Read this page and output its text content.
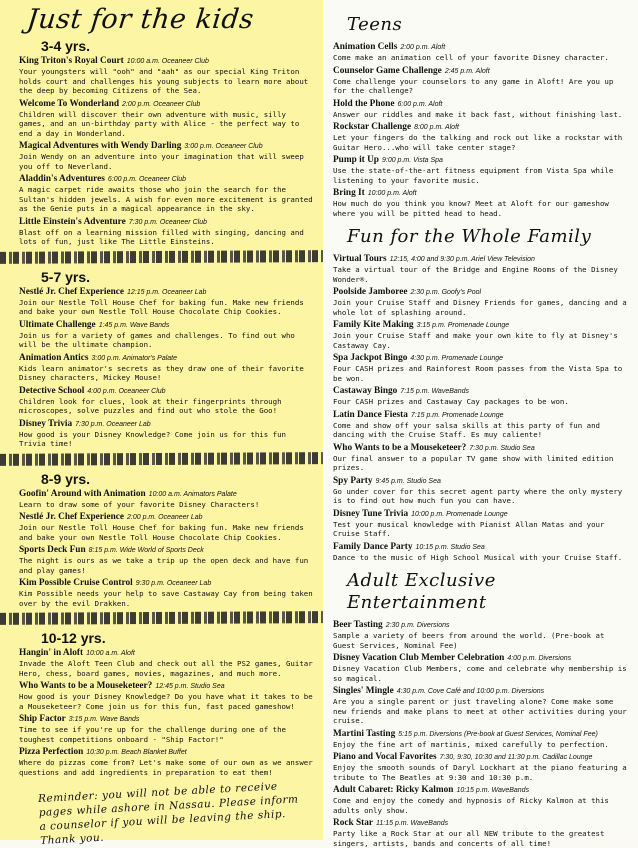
Just for the kids
3-4 yrs.
King Triton's Royal Court 10:00 a.m. Oceaneer Club
Your youngsters will "ooh" and "aah" as our special King Triton holds court and challenges his young subjects to learn more about the deep by becoming Citizens of the Sea.
Welcome To Wonderland 2:00 p.m. Oceaneer Club
Children will discover their own adventure with music, silly games, and an un-birthday party with Alice - the perfect way to end a day in Wonderland.
Magical Adventures with Wendy Darling 3:00 p.m. Oceaneer Club
Join Wendy on an adventure into your imagination that will sweep you off to Neverland.
Aladdin's Adventures 6:00 p.m. Oceaneer Club
A magic carpet ride awaits those who join the search for the Sultan's hidden jewels. A wish for even more excitement is granted as the Genie puts in a magical appearance in the sky.
Little Einstein's Adventure 7:30 p.m. Oceaneer Club
Blast off on a learning mission filled with singing, dancing and lots of fun, just like The Little Einsteins.
5-7 yrs.
Nestlé Jr. Chef Experience 12:15 p.m. Oceaneer Lab
Join our Nestle Toll House Chef for baking fun. Make new friends and bake your own Nestle Toll House Chocolate Chip Cookies.
Ultimate Challenge 1:45 p.m. Wave Bands
Join us for a variety of games and challenges. To find out who will be the ultimate champion.
Animation Antics 3:00 p.m. Animator's Palate
Kids learn animator's secrets as they draw one of their favorite Disney characters, Mickey Mouse!
Detective School 4:00 p.m. Oceaneer Club
Children look for clues, look at their fingerprints through microscopes, solve puzzles and find out who stole the Goo!
Disney Trivia 7:30 p.m. Oceaneer Lab
How good is your Disney Knowledge? Come join us for this fun Trivia time!
8-9 yrs.
Goofin' Around with Animation 10:00 a.m. Animators Palate
Learn to draw some of your favorite Disney Characters!
Nestlé Jr. Chef Experience 2:00 p.m. Oceaneer Lab
Join our Nestle Toll House Chef for baking fun. Make new friends and bake your own Nestle Toll House Chocolate Chip Cookies.
Sports Deck Fun 8:15 p.m. Wide World of Sports Deck
The night is ours as we take a trip up the open deck and have fun and play games!
Kim Possible Cruise Control 9:30 p.m. Oceaneer Lab
Kim Possible needs your help to save Castaway Cay from being taken over by the evil Drakken.
10-12 yrs.
Hangin' in Aloft 10:00 a.m. Aloft
Invade the Aloft Teen Club and check out all the PS2 games, Guitar Hero, chess, board games, movies, magazines, and much more.
Who Wants to be a Mouseketeer? 12:45 p.m. Studio Sea
How good is your Disney Knowledge? Do you have what it takes to be a Mouseketeer? Come join us for this fun, fast paced gameshow!
Ship Factor 3:15 p.m. Wave Bands
Time to see if you're up for the challenge during one of the toughest competitions onboard - "Ship Factor!"
Pizza Perfection 10:30 p.m. Beach Blanket Buffet
Where do pizzas come from? Let's make some of our own as we answer questions and add ingredients in preparation to eat them!
Reminder: you will not be able to receive pages while ashore in Nassau. Please inform a counselor if you will be leaving the ship. Thank you.
Teens
Animation Cells 2:00 p.m. Aloft
Come make an animation cell of your favorite Disney character.
Counselor Game Challenge 2:45 p.m. Aloft
Come challenge your counselors to any game in Aloft! Are you up for the challenge?
Hold the Phone 6:00 p.m. Aloft
Answer our riddles and make it back fast, without finishing last.
Rockstar Challenge 8:00 p.m. Aloft
Let your fingers do the talking and rock out like a rockstar with Guitar Hero...who will take center stage?
Pump it Up 9:00 p.m. Vista Spa
Use the state-of-the-art fitness equipment from Vista Spa while listening to your favorite music.
Bring It 10:00 p.m. Aloft
How much do you think you know? Meet at Aloft for our gameshow where you will be pitted head to head.
Fun for the Whole Family
Virtual Tours 12:15, 4:00 and 9:30 p.m. Ariel View Television
Take a virtual tour of the Bridge and Engine Rooms of the Disney Wonder®.
Poolside Jamboree 2:30 p.m. Goofy's Pool
Join your Cruise Staff and Disney Friends for games, dancing and a whole lot of splashing around.
Family Kite Making 3:15 p.m. Promenade Lounge
Join your Cruise Staff and make your own kite to fly at Disney's Castaway Cay.
Spa Jackpot Bingo 4:30 p.m. Promenade Lounge
Four CASH prizes and Rainforest Room passes from the Vista Spa to be won.
Castaway Bingo 7:15 p.m. WaveBands
Four CASH prizes and Castaway Cay packages to be won.
Latin Dance Fiesta 7:15 p.m. Promenade Lounge
Come and show off your salsa skills at this party of fun and dancing with the Cruise Staff. Es muy caliente!
Who Wants to be a Mouseketeer? 7:30 p.m. Studio Sea
Our final answer to a popular TV game show with limited edition prizes.
Spy Party 9:45 p.m. Studio Sea
Go under cover for this secret agent party where the only mystery is to find out how much fun you can have.
Disney Tune Trivia 10:00 p.m. Promenade Lounge
Test your musical knowledge with Pianist Allan Matas and your Cruise Staff.
Family Dance Party 10:15 p.m. Studio Sea
Dance to the music of High School Musical with your Cruise Staff.
Adult Exclusive Entertainment
Beer Tasting 2:30 p.m. Diversions
Sample a variety of beers from around the world. (Pre-book at Guest Services, Nominal Fee)
Disney Vacation Club Member Celebration 4:00 p.m. Diversions
Disney Vacation Club Members, come and celebrate why membership is so magical.
Singles' Mingle 4:30 p.m. Cove Café and 10:00 p.m. Diversions
Are you a single parent or just traveling alone? Come make some new friends and make plans to meet at other activities during your cruise.
Martini Tasting 5:15 p.m. Diversions (Pre-book at Guest Services, Nominal Fee)
Enjoy the fine art of martinis, mixed carefully to perfection.
Piano and Vocal Favorites 7:30, 9:30, 10:30 and 11:30 p.m. Cadillac Lounge
Enjoy the smooth sounds of Daryl Lockhart at the piano featuring a tribute to The Beatles at 9:30 and 10:30 p.m.
Adult Cabaret: Ricky Kalmon 10:15 p.m. WaveBands
Come and enjoy the comedy and hypnosis of Ricky Kalmon at this adults only show.
Rock Star 11:15 p.m. WaveBands
Party like a Rock Star at our all NEW tribute to the greatest singers, artists, bands and concerts of all time!
